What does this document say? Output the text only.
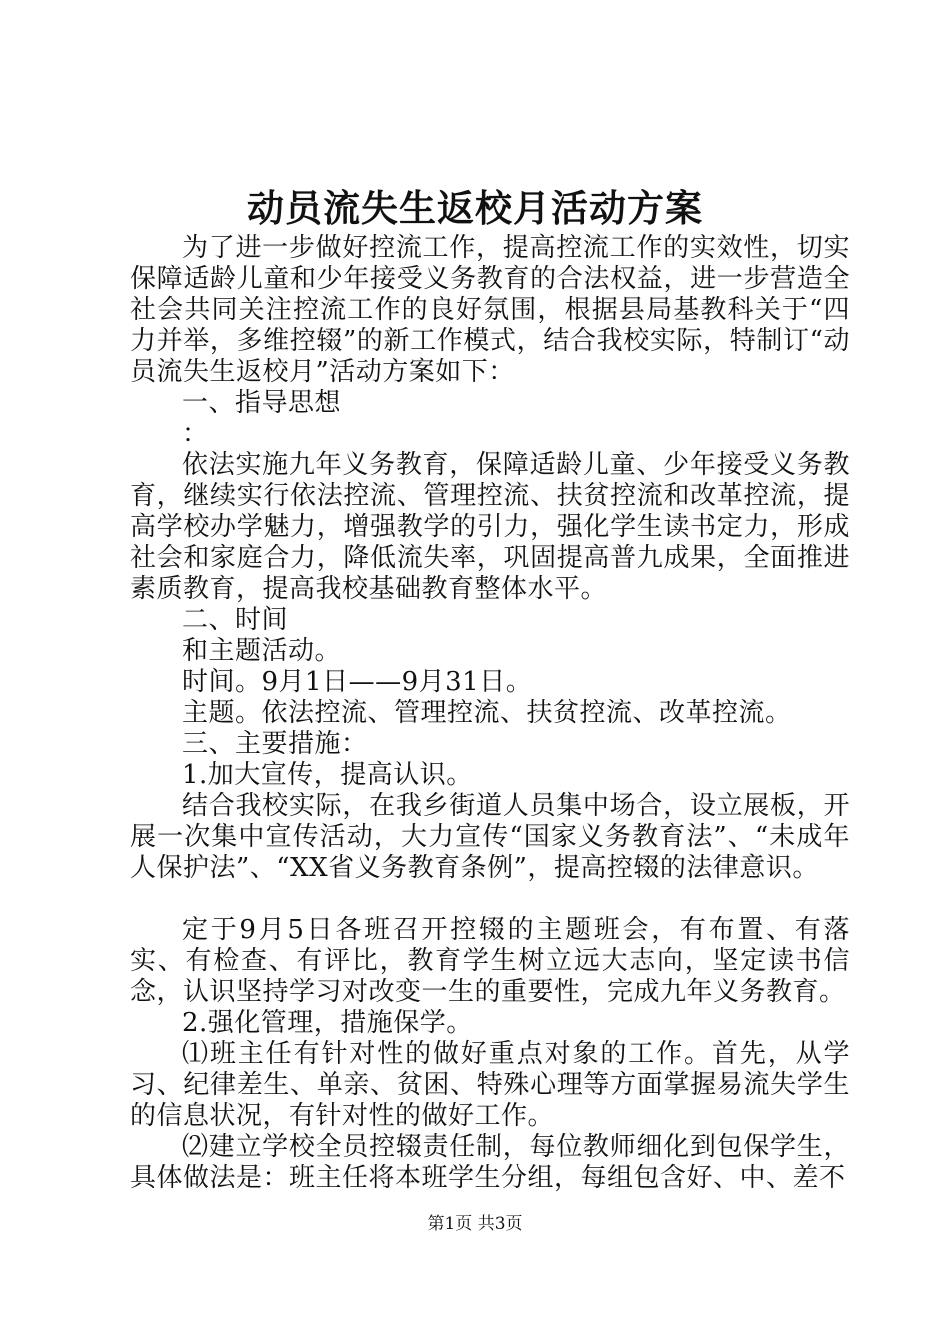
动员流失生返校月活动方案

为了进一步做好控流工作，提高控流工作的实效性，切实保障适龄儿童和少年接受义务教育的合法权益，进一步营造全社会共同关注控流工作的良好氛围，根据县局基教科关于“四力并举，多维控辍”的新工作模式，结合我校实际，特制订“动员流失生返校月”活动方案如下：

一、指导思想

：

依法实施九年义务教育，保障适龄儿童、少年接受义务教育，继续实行依法控流、管理控流、扶贫控流和改革控流，提高学校办学魅力，增强教学的引力，强化学生读书定力，形成社会和家庭合力，降低流失率，巩固提高普九成果，全面推进素质教育，提高我校基础教育整体水平。

二、时间

和主题活动。

时间。9月1日——9月31日。

主题。依法控流、管理控流、扶贫控流、改革控流。

三、主要措施：

1.加大宣传，提高认识。

结合我校实际，在我乡街道人员集中场合，设立展板，开展一次集中宣传活动，大力宣传“国家义务教育法”、“未成年人保护法”、“XX省义务教育条例”，提高控辍的法律意识。

定于9月5日各班召开控辍的主题班会，有布置、有落实、有检查、有评比，教育学生树立远大志向，坚定读书信念，认识坚持学习对改变一生的重要性，完成九年义务教育。

2.强化管理，措施保学。

⑴班主任有针对性的做好重点对象的工作。首先，从学习、纪律差生、单亲、贫困、特殊心理等方面掌握易流失学生的信息状况，有针对性的做好工作。

⑵建立学校全员控辍责任制，每位教师细化到包保学生，具体做法是：班主任将本班学生分组，每组包含好、中、差不

第1页 共3页
